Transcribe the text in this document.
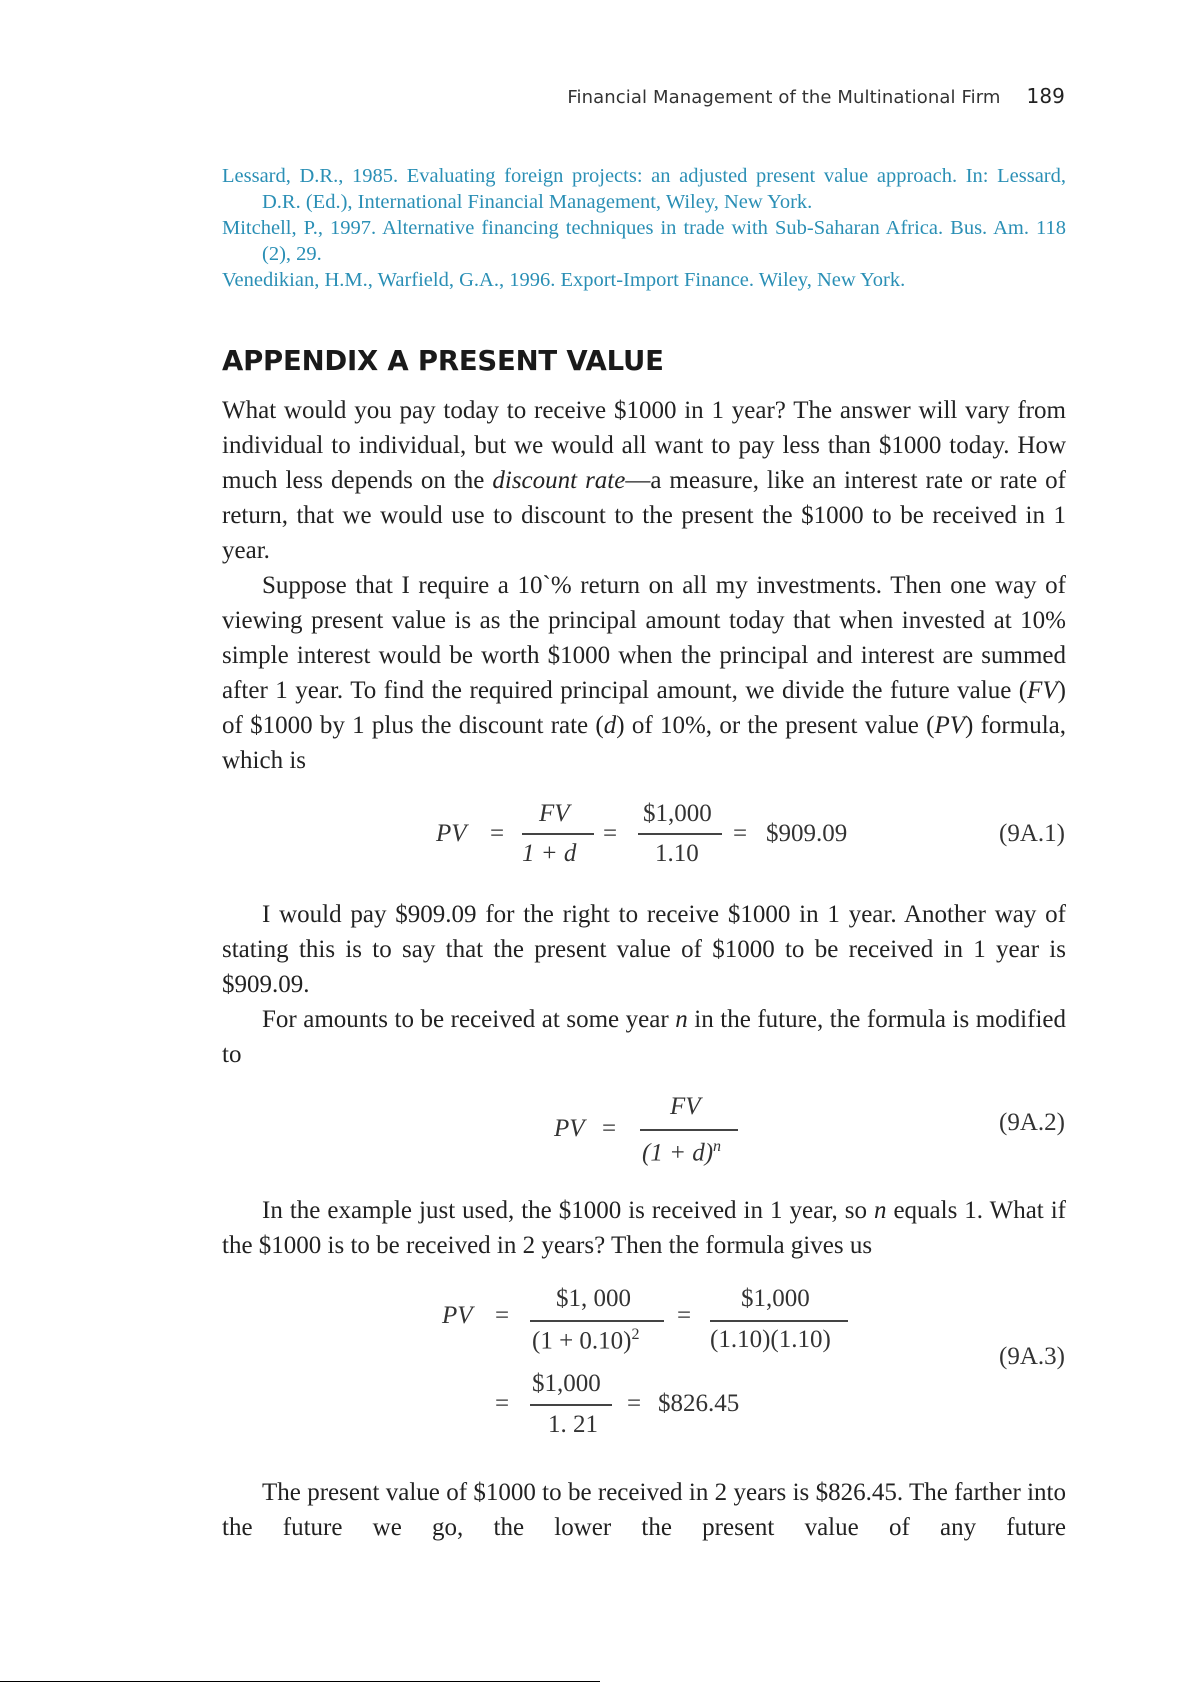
Financial Management of the Multinational Firm 189

Lessard, D.R., 1985. Evaluating foreign projects: an adjusted present value approach. In: Lessard, D.R. (Ed.), International Financial Management, Wiley, New York.

Mitchell, P., 1997. Alternative financing techniques in trade with Sub-Saharan Africa. Bus. Am. 118 (2), 29.

Venedikian, H.M., Warfield, G.A., 1996. Export-Import Finance. Wiley, New York.

APPENDIX A PRESENT VALUE

What would you pay today to receive $1000 in 1 year? The answer will vary from individual to individual, but we would all want to pay less than $1000 today. How much less depends on the discount rate—a measure, like an interest rate or rate of return, that we would use to discount to the present the $1000 to be received in 1 year.

Suppose that I require a 10`% return on all my investments. Then one way of viewing present value is as the principal amount today that when invested at 10% simple interest would be worth $1000 when the principal and interest are summed after 1 year. To find the required principal amount, we divide the future value (FV) of $1000 by 1 plus the discount rate (d) of 10%, or the present value (PV) formula, which is

PV =
FV
1 + d
=
$1,000
1.10
= $909.09	(9A.1)

I would pay $909.09 for the right to receive $1000 in 1 year. Another way of stating this is to say that the present value of $1000 to be received in 1 year is $909.09.

For amounts to be received at some year n in the future, the formula is modified to

PV =
FV
$(1 + d)^n$
(9A.2)

In the example just used, the $1000 is received in 1 year, so n equals 1. What if the $1000 is to be received in 2 years? Then the formula gives us

PV =
$1, 000
$(1 + 0.10)^2$
=
$1,000
(1.10)(1.10)
=
$1,000
1. 21
= $826.45
(9A.3)

The present value of $1000 to be received in 2 years is $826.45. The farther into the future we go, the lower the present value of any future
